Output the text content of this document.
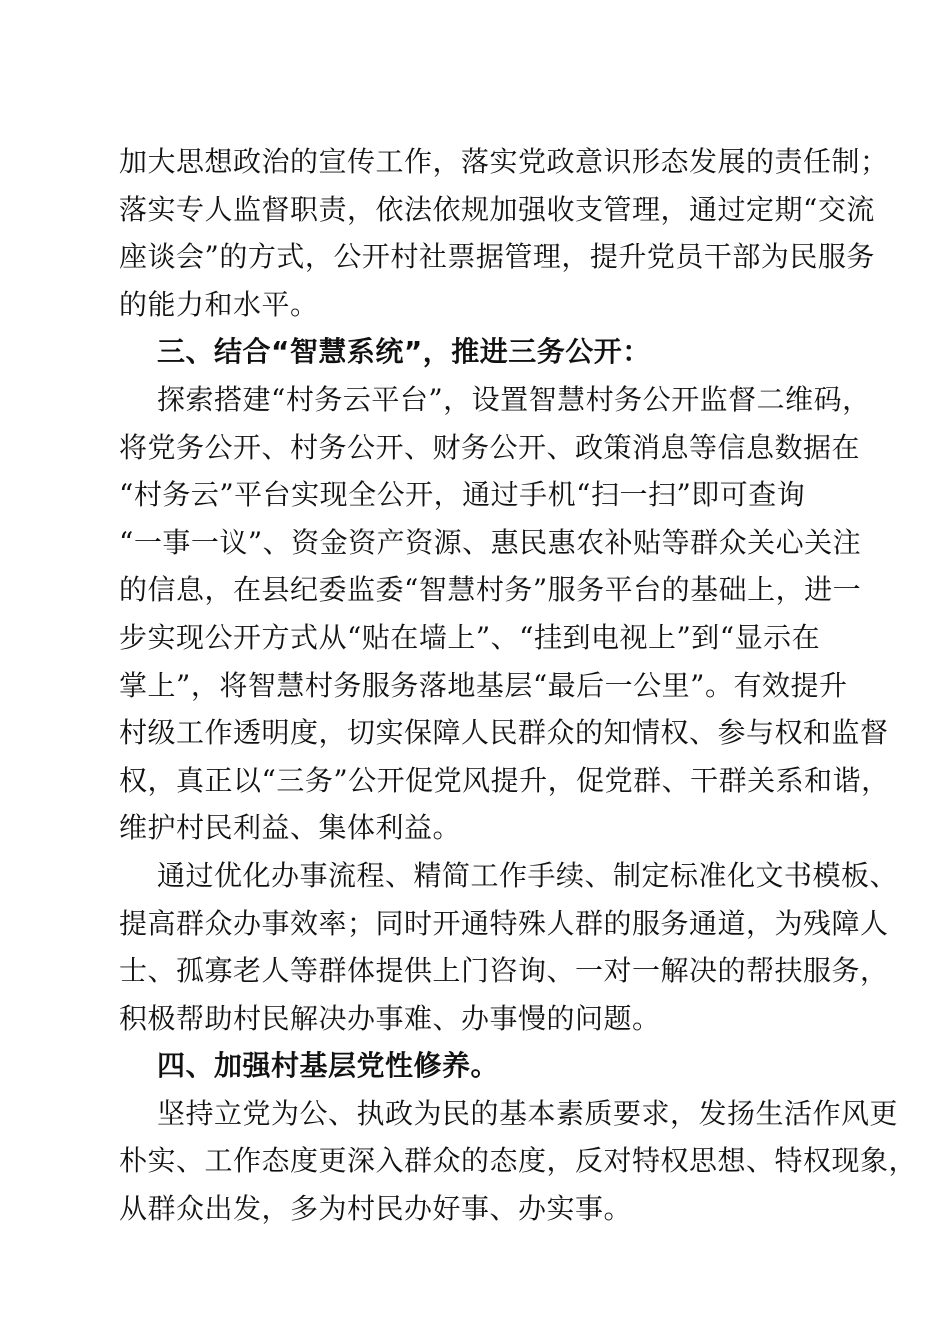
加大思想政治的宣传工作，落实党政意识形态发展的责任制；
落实专人监督职责，依法依规加强收支管理，通过定期“交流
座谈会”的方式，公开村社票据管理，提升党员干部为民服务
的能力和水平。
三、结合“智慧系统”，推进三务公开：
探索搭建“村务云平台”，设置智慧村务公开监督二维码，
将党务公开、村务公开、财务公开、政策消息等信息数据在
“村务云”平台实现全公开，通过手机“扫一扫”即可查询
“一事一议”、资金资产资源、惠民惠农补贴等群众关心关注
的信息，在县纪委监委“智慧村务”服务平台的基础上，进一
步实现公开方式从“贴在墙上”、“挂到电视上”到“显示在
掌上”，将智慧村务服务落地基层“最后一公里”。有效提升
村级工作透明度，切实保障人民群众的知情权、参与权和监督
权，真正以“三务”公开促党风提升，促党群、干群关系和谐，
维护村民利益、集体利益。
通过优化办事流程、精简工作手续、制定标准化文书模板、
提高群众办事效率；同时开通特殊人群的服务通道，为残障人
士、孤寡老人等群体提供上门咨询、一对一解决的帮扶服务，
积极帮助村民解决办事难、办事慢的问题。
四、加强村基层党性修养。
坚持立党为公、执政为民的基本素质要求，发扬生活作风更
朴实、工作态度更深入群众的态度，反对特权思想、特权现象，
从群众出发，多为村民办好事、办实事。
